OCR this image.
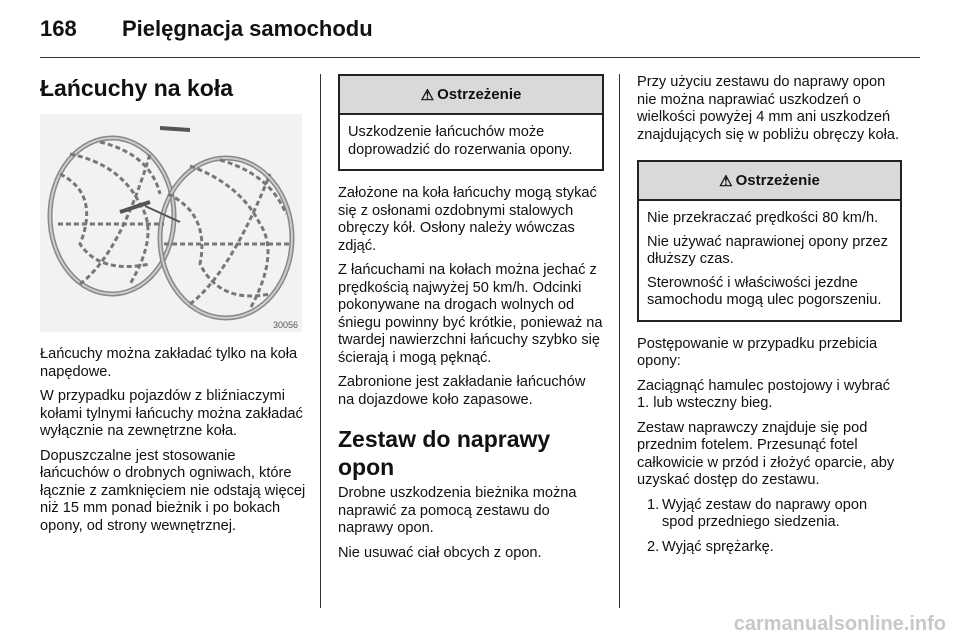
168 Pielęgnacja samochodu
Łańcuchy na koła
30056

Łańcuchy można zakładać tylko na koła napędowe.

W przypadku pojazdów z bliźniaczymi kołami tylnymi łańcuchy można zakładać wyłącznie na zewnętrzne koła.

Dopuszczalne jest stosowanie łańcuchów o drobnych ogniwach, które łącznie z zamknięciem nie odstają więcej niż 15 mm ponad bieżnik i po bokach opony, od strony wewnętrznej.

⚠ Ostrzeżenie

Uszkodzenie łańcuchów może doprowadzić do rozerwania opony.

Założone na koła łańcuchy mogą stykać się z osłonami ozdobnymi stalowych obręczy kół. Osłony należy wówczas zdjąć.

Z łańcuchami na kołach można jechać z prędkością najwyżej 50 km/h. Odcinki pokonywane na drogach wolnych od śniegu powinny być krótkie, ponieważ na twardej nawierzchni łańcuchy szybko się ścierają i mogą pęknąć.

Zabronione jest zakładanie łańcuchów na dojazdowe koło zapasowe.

Zestaw do naprawy opon

Drobne uszkodzenia bieżnika można naprawić za pomocą zestawu do naprawy opon.

Nie usuwać ciał obcych z opon.

Przy użyciu zestawu do naprawy opon nie można naprawiać uszkodzeń o wielkości powyżej 4 mm ani uszkodzeń znajdujących się w pobliżu obręczy koła.

⚠ Ostrzeżenie

Nie przekraczać prędkości 80 km/h.

Nie używać naprawionej opony przez dłuższy czas.

Sterowność i właściwości jezdne samochodu mogą ulec pogorszeniu.

Postępowanie w przypadku przebicia opony:

Zaciągnąć hamulec postojowy i wybrać 1. lub wsteczny bieg.

Zestaw naprawczy znajduje się pod przednim fotelem. Przesunąć fotel całkowicie w przód i złożyć oparcie, aby uzyskać dostęp do zestawu.

1. Wyjąć zestaw do naprawy opon spod przedniego siedzenia.
2. Wyjąć sprężarkę.
carmanualsonline.info
